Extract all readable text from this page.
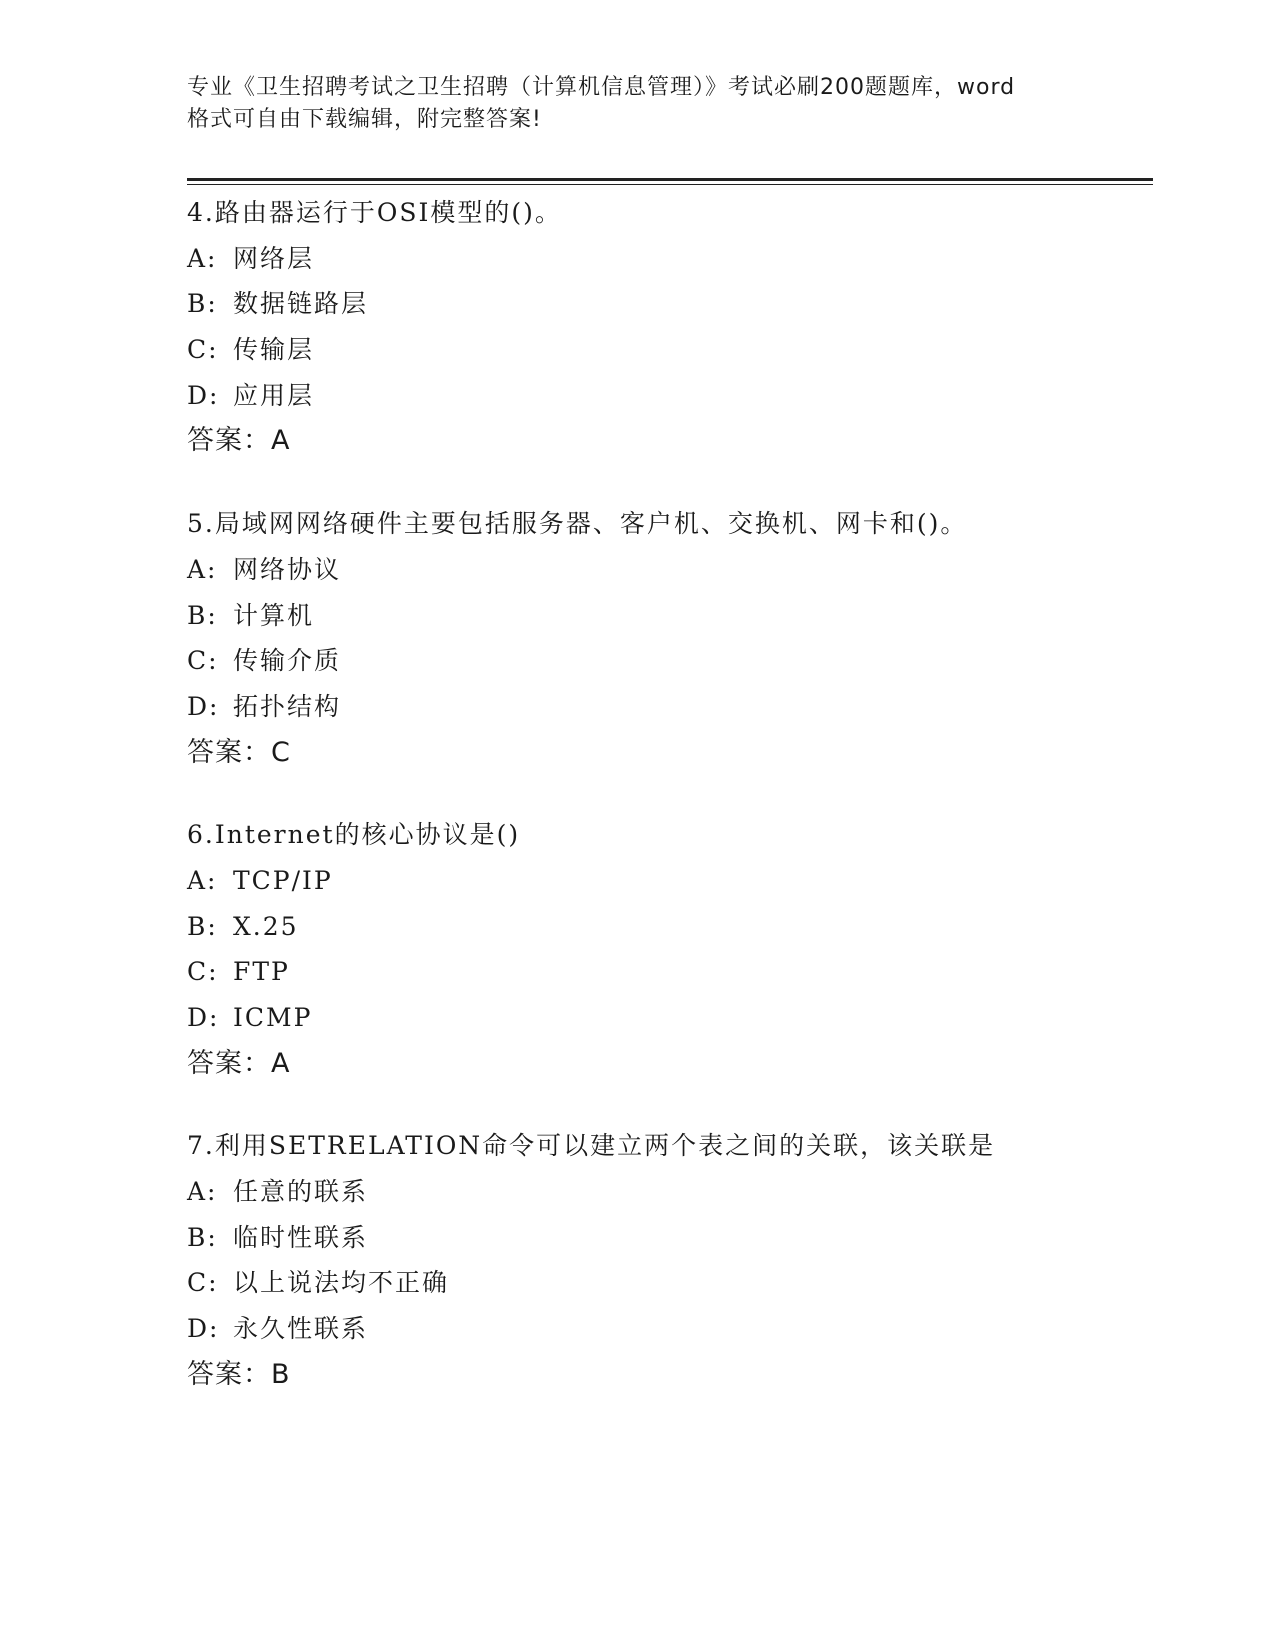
专业《卫生招聘考试之卫生招聘（计算机信息管理）》考试必刷200题题库，word
格式可自由下载编辑，附完整答案!
4.路由器运行于OSI模型的()。
A: 网络层
B: 数据链路层
C: 传输层
D: 应用层
答案：A
5.局域网网络硬件主要包括服务器、客户机、交换机、网卡和()。
A: 网络协议
B: 计算机
C: 传输介质
D: 拓扑结构
答案：C
6.Internet的核心协议是()
A: TCP/IP
B: X.25
C: FTP
D: ICMP
答案：A
7.利用SETRELATION命令可以建立两个表之间的关联，该关联是
A: 任意的联系
B: 临时性联系
C: 以上说法均不正确
D: 永久性联系
答案：B
